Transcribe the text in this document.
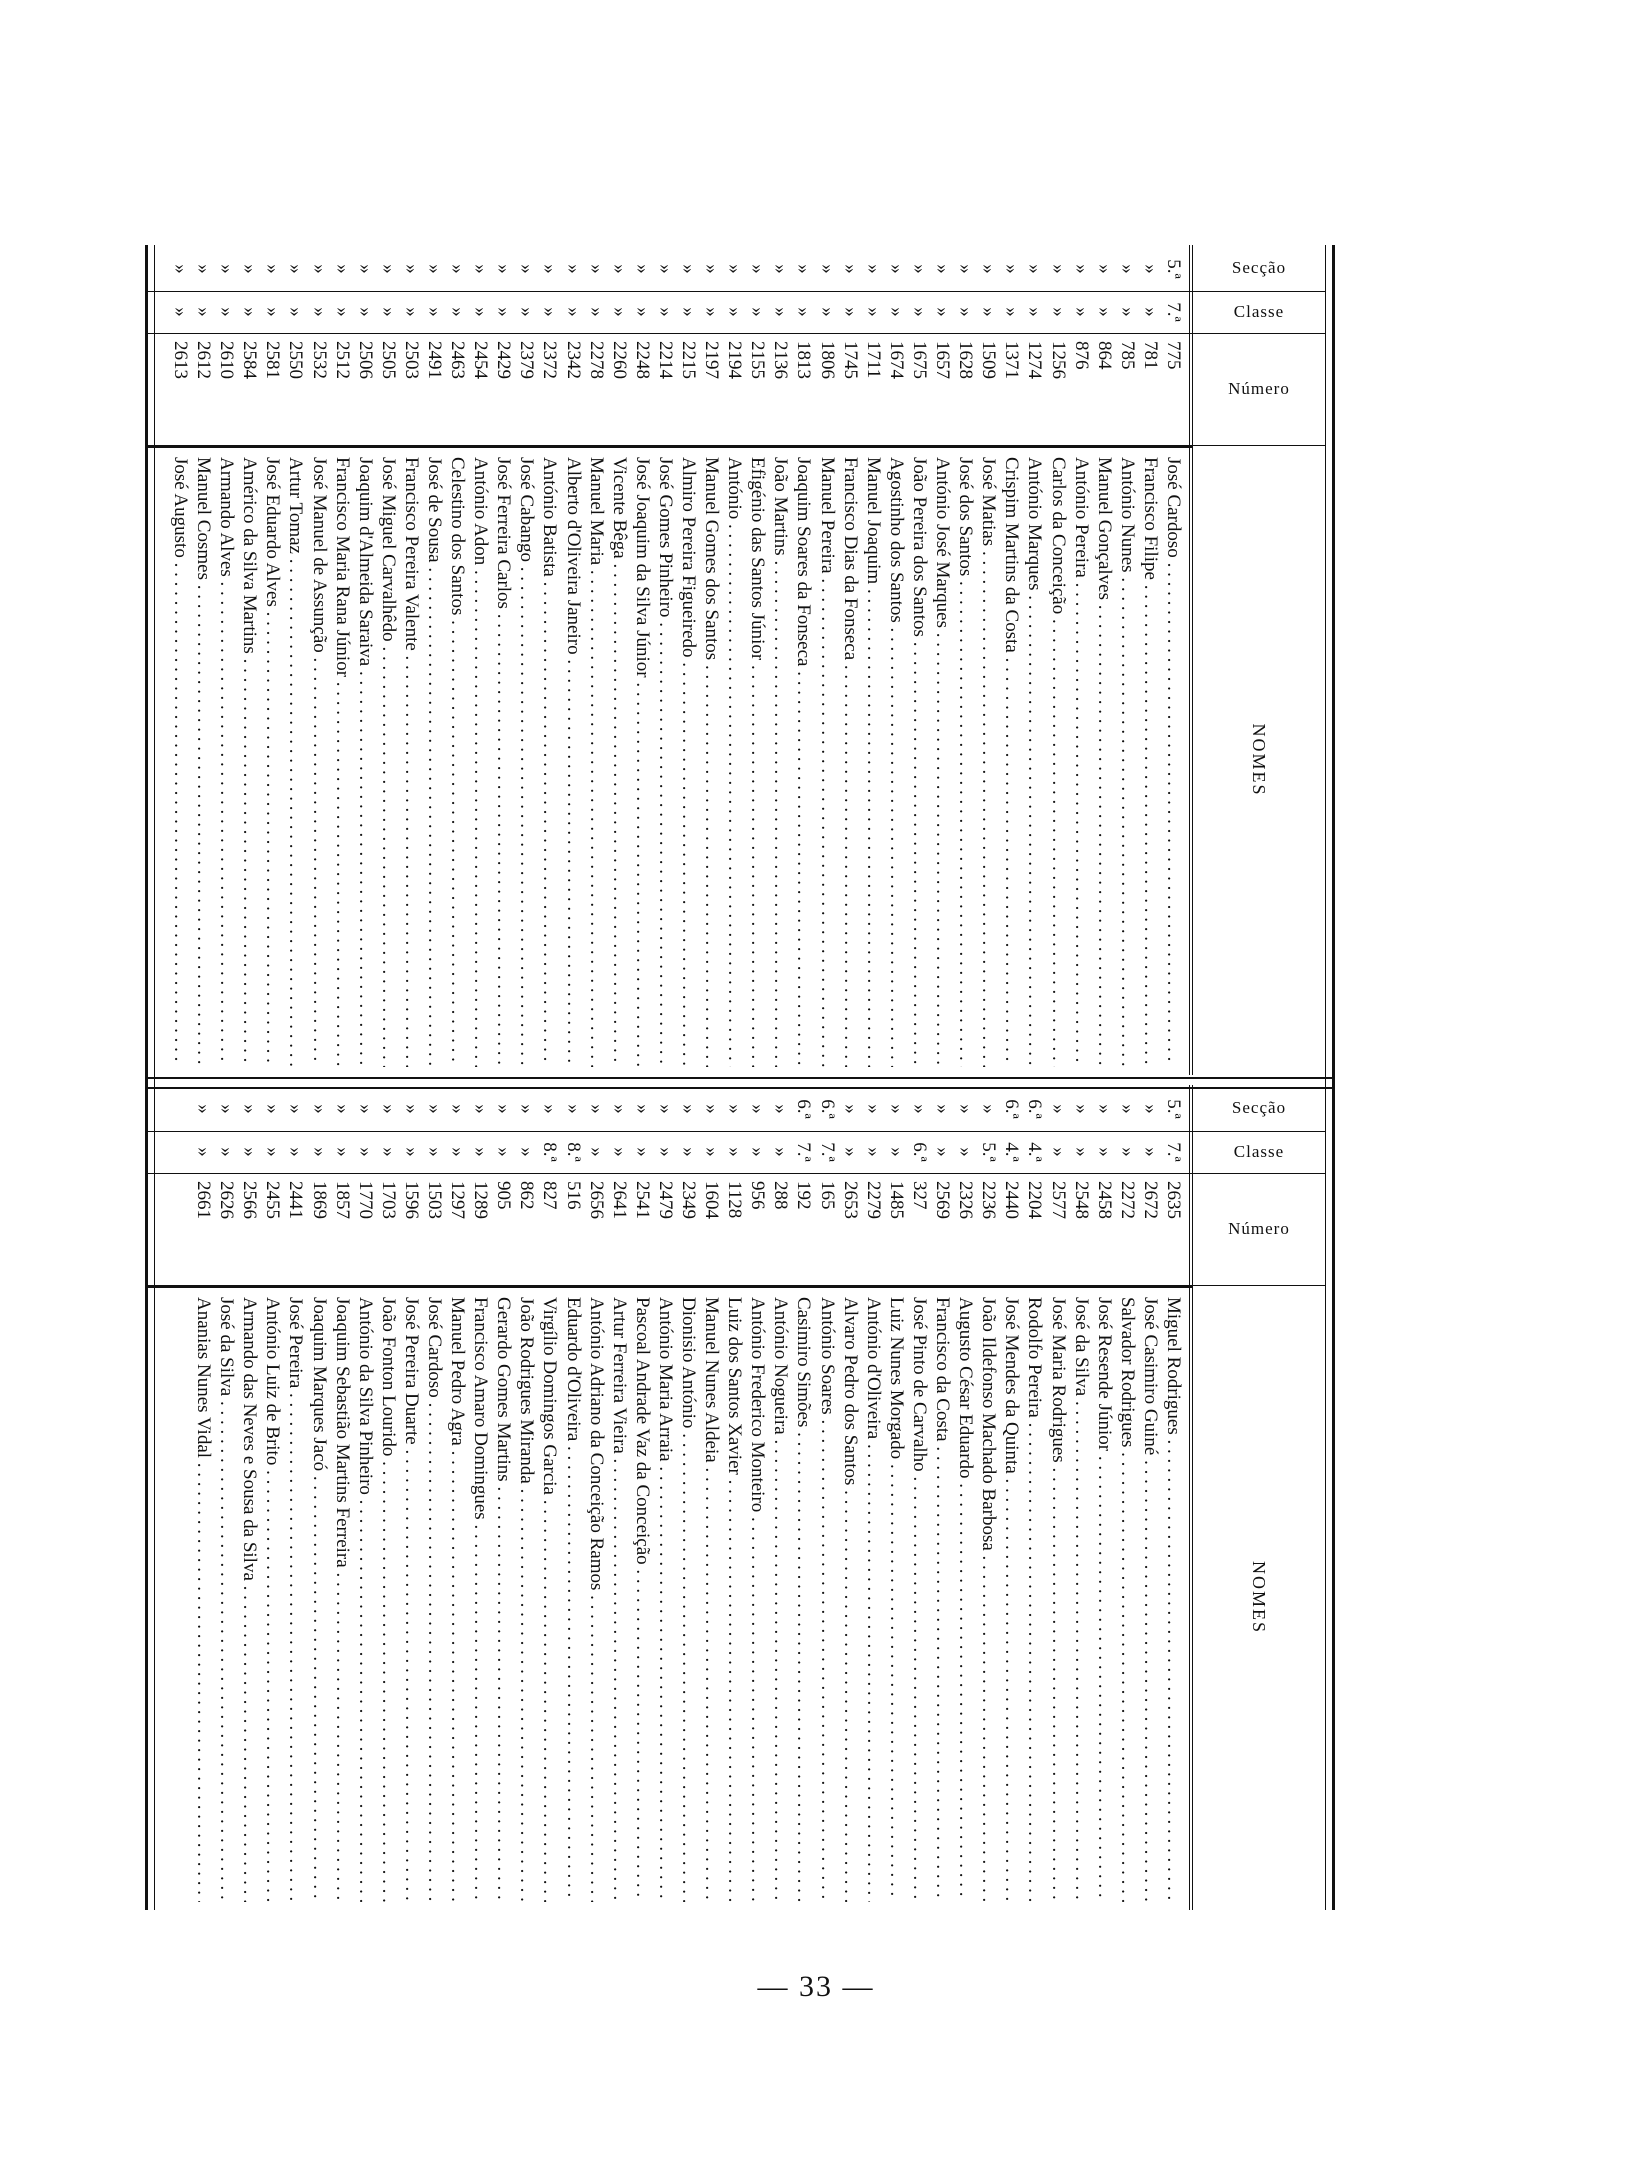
Secção
Classe
Número
NOMES
5.ª
7.ª
775
José Cardoso . . .
»
»
781
Francisco Filipe . . .
»
»
785
António Nunes . . .
»
»
864
Manuel Gonçalves . . .
»
»
876
António Pereira . . .
»
»
1256
Carlos da Conceição . . .
»
»
1274
António Marques . . .
»
»
1371
Crispim Martins da Costa . . .
»
»
1509
José Matias . . .
»
»
1628
José dos Santos . . .
»
»
1657
António José Marques . . .
»
»
1675
João Pereira dos Santos . . .
»
»
1674
Agostinho dos Santos . . .
»
»
1711
Manuel Joaquim . . .
»
»
1745
Francisco Dias da Fonseca . . .
»
»
1806
Manuel Pereira . . .
»
»
1813
Joaquim Soares da Fonseca . . .
»
»
2136
João Martins . . .
»
»
2155
Efigénio das Santos Júnior . . .
»
»
2194
António . . .
»
»
2197
Manuel Gomes dos Santos . . .
»
»
2215
Almiro Pereira Figueiredo . . .
»
»
2214
José Gomes Pinheiro . . .
»
»
2248
José Joaquim da Silva Júnior . . .
»
»
2260
Vicente Bêga . . .
»
»
2278
Manuel Maria . . .
»
»
2342
Alberto d'Oliveira Janeiro . . .
»
»
2372
António Batista . . .
»
»
2379
José Cabango . . .
»
»
2429
José Ferreira Carlos . . .
»
»
2454
António Adon . . .
»
»
2463
Celestino dos Santos . . .
»
»
2491
José de Sousa . . .
»
»
2503
Francisco Pereira Valente . . .
»
»
2505
José Miguel Carvalhêdo . . .
»
»
2506
Joaquim d'Almeida Saraiva . . .
»
»
2512
Francisco Maria Rana Júnior . . .
»
»
2532
José Manuel de Assunção . . .
»
»
2550
Artur Tomaz . . .
»
»
2581
José Eduardo Alves . . .
»
»
2584
Américo da Silva Martins . . .
»
»
2610
Armando Alves . . .
»
»
2612
Manuel Cosmes . . .
»
»
2613
José Augusto . . .
Secção
Classe
Número
NOMES
5.ª
7.ª
2635
Miguel Rodrigues . . .
»
»
2672
José Casimiro Guiné . . .
»
»
2272
Salvador Rodrigues . . .
»
»
2458
José Resende Júnior . . .
»
»
2548
José da Silva . . .
»
»
2577
José Maria Rodrigues . . .
6.ª
4.ª
2204
Rodolfo Pereira . . .
6.ª
4.ª
2440
José Mendes da Quinta . . .
»
5.ª
2236
João Ildefonso Machado Barbosa . . .
»
»
2326
Augusto César Eduardo . . .
»
»
2569
Francisco da Costa . . .
»
6.ª
327
José Pinto de Carvalho . . .
»
»
1485
Luiz Nunes Morgado . . .
»
»
2279
António d'Oliveira . . .
»
»
2653
Alvaro Pedro dos Santos . . .
6.ª
7.ª
165
António Soares . . .
6.ª
7.ª
192
Casimiro Simões . . .
»
»
288
António Nogueira . . .
»
»
956
António Frederico Monteiro . . .
»
»
1128
Luiz dos Santos Xavier . . .
»
»
1604
Manuel Nunes Aldeia . . .
»
»
2349
Dionisio António . . .
»
»
2479
António Maria Arraia . . .
»
»
2541
Pascoal Andrade Vaz da Conceição . . .
»
»
2641
Artur Ferreira Vieira . . .
»
»
2656
António Adriano da Conceição Ramos . . .
»
8.ª
516
Eduardo d'Oliveira . . .
»
8.ª
827
Virgílio Domingos Garcia . . .
»
»
862
João Rodrigues Miranda . . .
»
»
905
Gerardo Gomes Martins . . .
»
»
1289
Francisco Amaro Domingues . . .
»
»
1297
Manuel Pedro Agra . . .
»
»
1503
José Cardoso . . .
»
»
1596
José Pereira Duarte . . .
»
»
1703
João Fonton Lourido . . .
»
»
1770
António da Silva Pinheiro . . .
»
»
1857
Joaquim Sebastião Martins Ferreira . . .
»
»
1869
Joaquim Marques Jacó . . .
»
»
2441
José Pereira . . .
»
»
2455
António Luiz de Brito . . .
»
»
2566
Armando das Neves e Sousa da Silva . . .
»
»
2626
José da Silva . . .
»
»
2661
Ananias Nunes Vidal . . .
— 33 —
